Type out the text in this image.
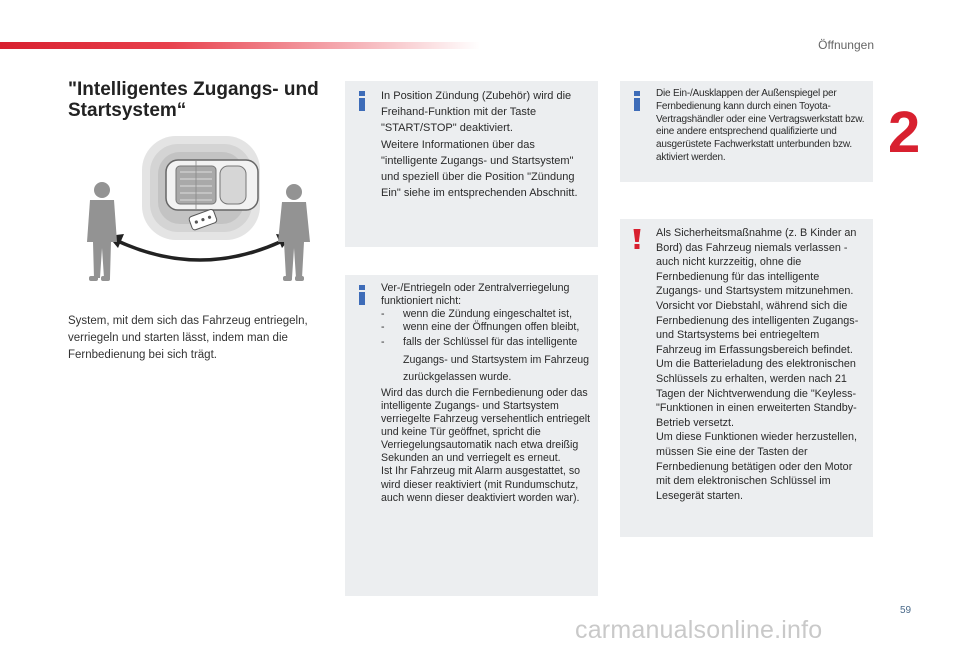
Öffnungen
2
"Intelligentes Zugangs- und Startsystem“

System, mit dem sich das Fahrzeug entriegeln, verriegeln und starten lässt, indem man die Fernbedienung bei sich trägt.

In Position Zündung (Zubehör) wird die Freihand-Funktion mit der Taste "START/STOP" deaktiviert.

Weitere Informationen über das "intelligente Zugangs- und Startsystem" und speziell über die Position "Zündung Ein" siehe im entsprechenden Abschnitt.

Ver-/Entriegeln oder Zentralverriegelung funktioniert nicht:

- wenn die Zündung eingeschaltet ist,
- wenn eine der Öffnungen offen bleibt,
- falls der Schlüssel für das intelligente Zugangs- und Startsystem im Fahrzeug zurückgelassen wurde.

Wird das durch die Fernbedienung oder das intelligente Zugangs- und Startsystem verriegelte Fahrzeug versehentlich entriegelt und keine Tür geöffnet, spricht die Verriegelungsautomatik nach etwa dreißig Sekunden an und verriegelt es erneut.

Ist Ihr Fahrzeug mit Alarm ausgestattet, so wird dieser reaktiviert (mit Rundumschutz, auch wenn dieser deaktiviert worden war).

Die Ein-/Ausklappen der Außenspiegel per Fernbedienung kann durch einen Toyota-Vertragshändler oder eine Vertragswerkstatt bzw. eine andere entsprechend qualifizierte und ausgerüstete Fachwerkstatt unterbunden bzw. aktiviert werden.

Als Sicherheitsmaßnahme (z. B Kinder an Bord) das Fahrzeug niemals verlassen - auch nicht kurzzeitig, ohne die Fernbedienung für das intelligente Zugangs- und Startsystem mitzunehmen.

Vorsicht vor Diebstahl, während sich die Fernbedienung des intelligenten Zugangs- und Startsystems bei entriegeltem Fahrzeug im Erfassungsbereich befindet.

Um die Batterieladung des elektronischen Schlüssels zu erhalten, werden nach 21 Tagen der Nichtverwendung die "Keyless-"Funktionen in einen erweiterten Standby-Betrieb versetzt.

Um diese Funktionen wieder herzustellen, müssen Sie eine der Tasten der Fernbedienung betätigen oder den Motor mit dem elektronischen Schlüssel im Lesegerät starten.

59
carmanualsonline.info
